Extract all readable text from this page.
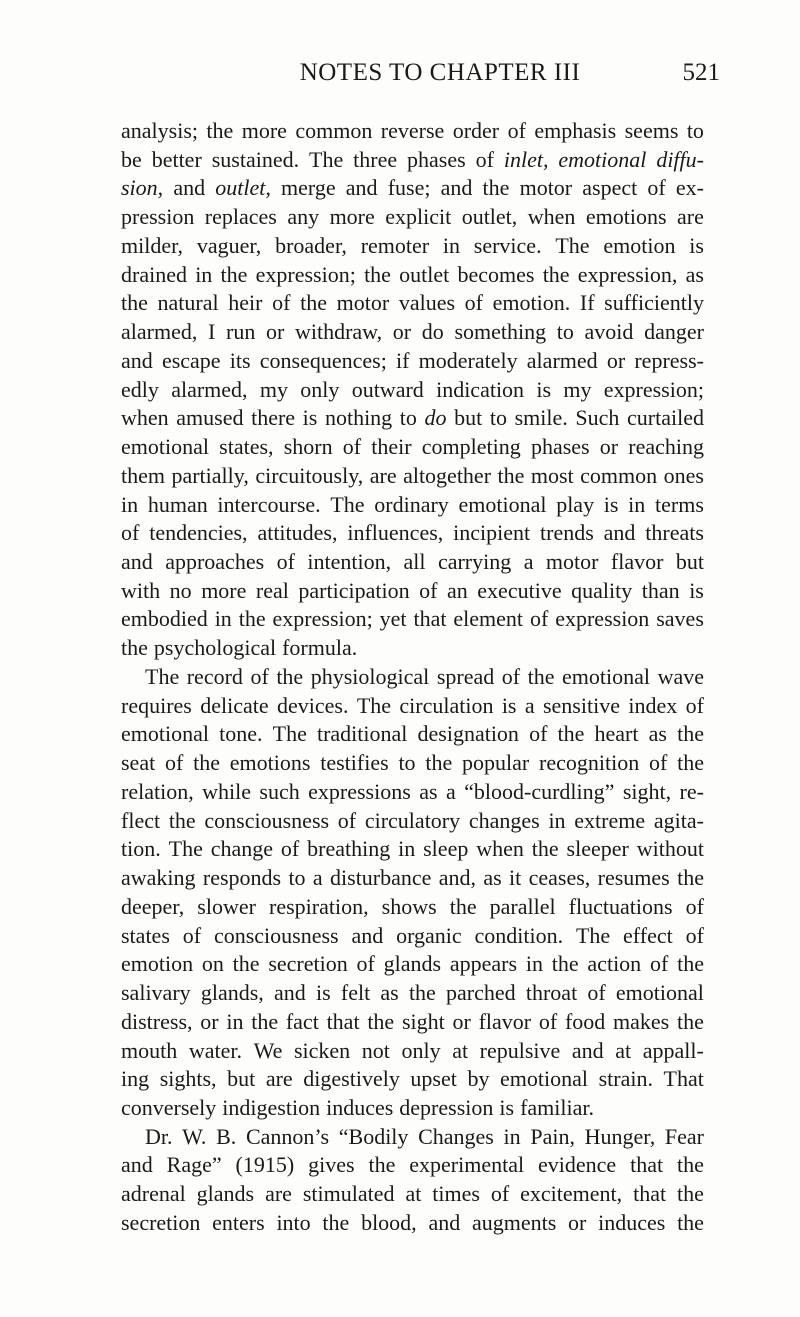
NOTES TO CHAPTER III	521
analysis; the more common reverse order of emphasis seems to
be better sustained. The three phases of inlet, emotional diffu-
sion, and outlet, merge and fuse; and the motor aspect of ex-
pression replaces any more explicit outlet, when emotions are
milder, vaguer, broader, remoter in service. The emotion is
drained in the expression; the outlet becomes the expression, as
the natural heir of the motor values of emotion. If sufficiently
alarmed, I run or withdraw, or do something to avoid danger
and escape its consequences; if moderately alarmed or repress-
edly alarmed, my only outward indication is my expression;
when amused there is nothing to do but to smile. Such curtailed
emotional states, shorn of their completing phases or reaching
them partially, circuitously, are altogether the most common ones
in human intercourse. The ordinary emotional play is in terms
of tendencies, attitudes, influences, incipient trends and threats
and approaches of intention, all carrying a motor flavor but
with no more real participation of an executive quality than is
embodied in the expression; yet that element of expression saves
the psychological formula.
The record of the physiological spread of the emotional wave
requires delicate devices. The circulation is a sensitive index of
emotional tone. The traditional designation of the heart as the
seat of the emotions testifies to the popular recognition of the
relation, while such expressions as a “blood-curdling” sight, re-
flect the consciousness of circulatory changes in extreme agita-
tion. The change of breathing in sleep when the sleeper without
awaking responds to a disturbance and, as it ceases, resumes the
deeper, slower respiration, shows the parallel fluctuations of
states of consciousness and organic condition. The effect of
emotion on the secretion of glands appears in the action of the
salivary glands, and is felt as the parched throat of emotional
distress, or in the fact that the sight or flavor of food makes the
mouth water. We sicken not only at repulsive and at appall-
ing sights, but are digestively upset by emotional strain. That
conversely indigestion induces depression is familiar.
Dr. W. B. Cannon’s “Bodily Changes in Pain, Hunger, Fear
and Rage” (1915) gives the experimental evidence that the
adrenal glands are stimulated at times of excitement, that the
secretion enters into the blood, and augments or induces the
